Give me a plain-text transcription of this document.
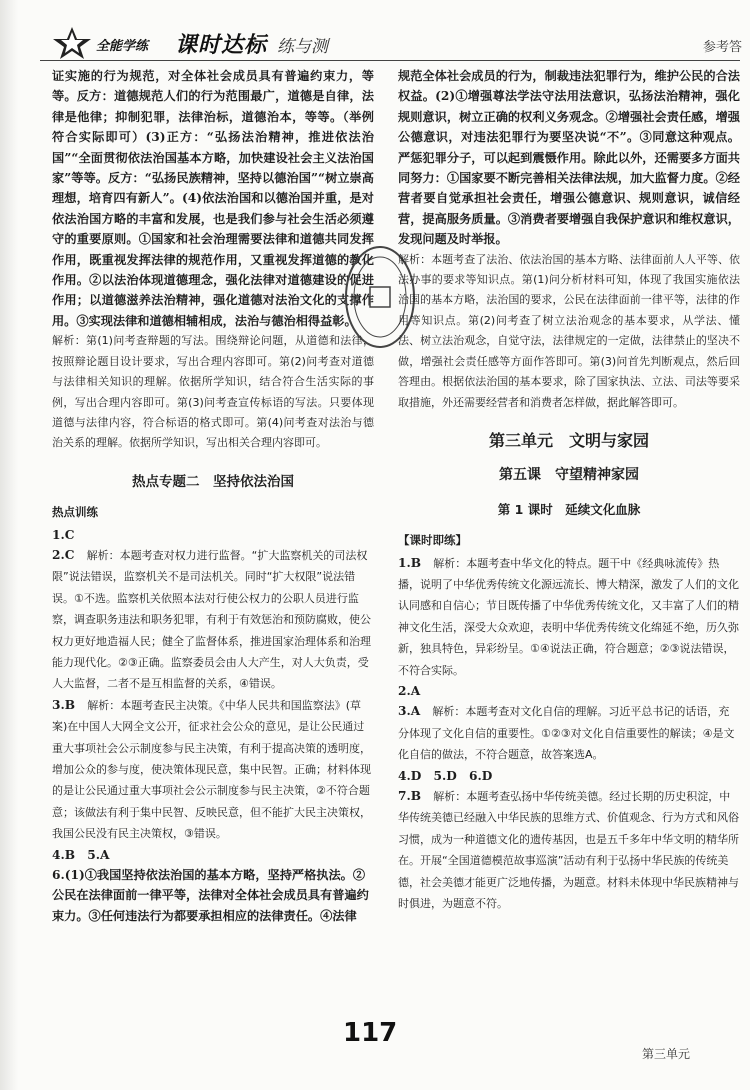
全能学练 课时达标 练与测	参考答

证实施的行为规范，对全体社会成员具有普遍约束力，等等。反方：道德规范人们的行为范围最广，道德是自律，法律是他律；抑制犯罪，法律治标，道德治本，等等。（举例符合实际即可）(3)正方：“弘扬法治精神，推进依法治国”“全面贯彻依法治国基本方略，加快建设社会主义法治国家”等等。反方：“弘扬民族精神，坚持以德治国”“树立崇高理想，培育四有新人”。(4)依法治国和以德治国并重，是对依法治国方略的丰富和发展，也是我们参与社会生活必须遵守的重要原则。①国家和社会治理需要法律和道德共同发挥作用，既重视发挥法律的规范作用，又重视发挥道德的教化作用。②以法治体现道德理念，强化法律对道德建设的促进作用；以道德滋养法治精神，强化道德对法治文化的支撑作用。③实现法律和道德相辅相成，法治与德治相得益彰。

解析：第(1)问考查辩题的写法。围绕辩论问题，从道德和法律，按照辩论题目设计要求，写出合理内容即可。第(2)问考查对道德与法律相关知识的理解。依据所学知识，结合符合生活实际的事例，写出合理内容即可。第(3)问考查宣传标语的写法。只要体现道德与法律内容，符合标语的格式即可。第(4)问考查对法治与德治关系的理解。依据所学知识，写出相关合理内容即可。

热点专题二　坚持依法治国
热点训练
1.C
2.C　 解析：本题考查对权力进行监督。“扩大监察机关的司法权限”说法错误，监察机关不是司法机关。同时“扩大权限”说法错误。①不选。监察机关依照本法对行使公权力的公职人员进行监察，调查职务违法和职务犯罪，有利于有效惩治和预防腐败，使公权力更好地造福人民；健全了监督体系，推进国家治理体系和治理能力现代化。②③正确。监察委员会由人大产生，对人大负责，受人大监督，二者不是互相监督的关系，④错误。
3.B　 解析：本题考查民主决策。《中华人民共和国监察法》(草案)在中国人大网全文公开，征求社会公众的意见，是让公民通过重大事项社会公示制度参与民主决策，有利于提高决策的透明度，增加公众的参与度，使决策体现民意，集中民智。正确；材料体现的是让公民通过重大事项社会公示制度参与民主决策，②不符合题意；该做法有利于集中民智、反映民意，但不能扩大民主决策权，我国公民没有民主决策权，③错误。
4.B　5.A
6.(1)①我国坚持依法治国的基本方略，坚持严格执法。②公民在法律面前一律平等，法律对全体社会成员具有普遍约束力。③任何违法行为都要承担相应的法律责任。④法律

规范全体社会成员的行为，制裁违法犯罪行为，维护公民的合法权益。(2)①增强尊法学法守法用法意识，弘扬法治精神，强化规则意识，树立正确的权利义务观念。②增强社会责任感，增强公德意识，对违法犯罪行为要坚决说“不”。③同意这种观点。严惩犯罪分子，可以起到震慑作用。除此以外，还需要多方面共同努力：①国家要不断完善相关法律法规，加大监督力度。②经营者要自觉承担社会责任，增强公德意识、规则意识，诚信经营，提高服务质量。③消费者要增强自我保护意识和维权意识，发现问题及时举报。

解析：本题考查了法治、依法治国的基本方略、法律面前人人平等、依法办事的要求等知识点。第(1)问分析材料可知，体现了我国实施依法治国的基本方略，法治国的要求，公民在法律面前一律平等，法律的作用等知识点。第(2)问考查了树立法治观念的基本要求，从学法、懂法、树立法治观念，自觉守法，法律规定的一定做，法律禁止的坚决不做，增强社会责任感等方面作答即可。第(3)问首先判断观点，然后回答理由。根据依法治国的基本要求，除了国家执法、立法、司法等要采取措施，外还需要经营者和消费者怎样做，据此解答即可。

第三单元　文明与家园
第五课　守望精神家园
第 1 课时　延续文化血脉
【课时即练】
1.B　 解析：本题考查中华文化的特点。题干中《经典咏流传》热播，说明了中华优秀传统文化源远流长、博大精深，激发了人们的文化认同感和自信心；节目既传播了中华优秀传统文化，又丰富了人们的精神文化生活，深受大众欢迎，表明中华优秀传统文化绵延不绝，历久弥新，独具特色，异彩纷呈。①④说法正确，符合题意；②③说法错误，不符合实际。
2.A
3.A　 解析：本题考查对文化自信的理解。习近平总书记的话语，充分体现了文化自信的重要性。①②③对文化自信重要性的解读；④是文化自信的做法，不符合题意，故答案选A。
4.D　5.D　6.D
7.B　 解析：本题考查弘扬中华传统美德。经过长期的历史积淀，中华传统美德已经融入中华民族的思维方式、价值观念、行为方式和风俗习惯，成为一种道德文化的遗传基因，也是五千多年中华文明的精华所在。开展“全国道德模范故事巡演”活动有利于弘扬中华民族的传统美德，社会美德才能更广泛地传播，为题意。材料未体现中华民族精神与时俱进，为题意不符。
117
第三单元
